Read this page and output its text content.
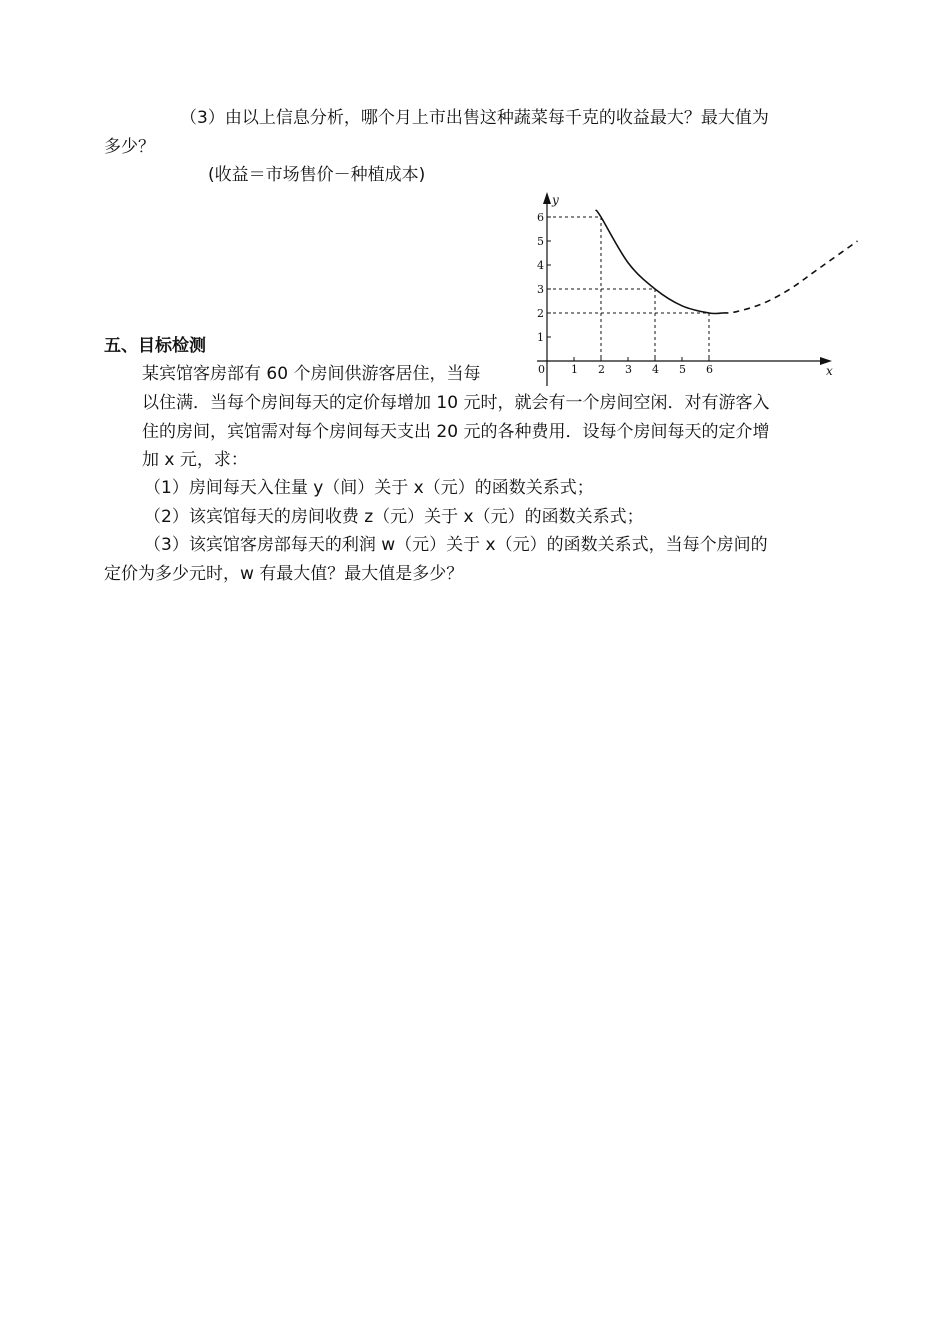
（3）由以上信息分析，哪个月上市出售这种蔬菜每千克的收益最大？最大值为
多少？
(收益＝市场售价－种植成本)
五、目标检测
某宾馆客房部有 60 个房间供游客居住，当每
以住满．当每个房间每天的定价每增加 10 元时，就会有一个房间空闲．对有游客入
住的房间，宾馆需对每个房间每天支出 20 元的各种费用．设每个房间每天的定介增
加 x 元，求：
（1）房间每天入住量 y（间）关于 x（元）的函数关系式；
（2）该宾馆每天的房间收费 z（元）关于 x（元）的函数关系式；
（3）该宾馆客房部每天的利润 w（元）关于 x（元）的函数关系式，当每个房间的
定价为多少元时，w 有最大值？最大值是多少？
x
y
0 1 2 3 4 5 6
1
2
3
4
5
6
